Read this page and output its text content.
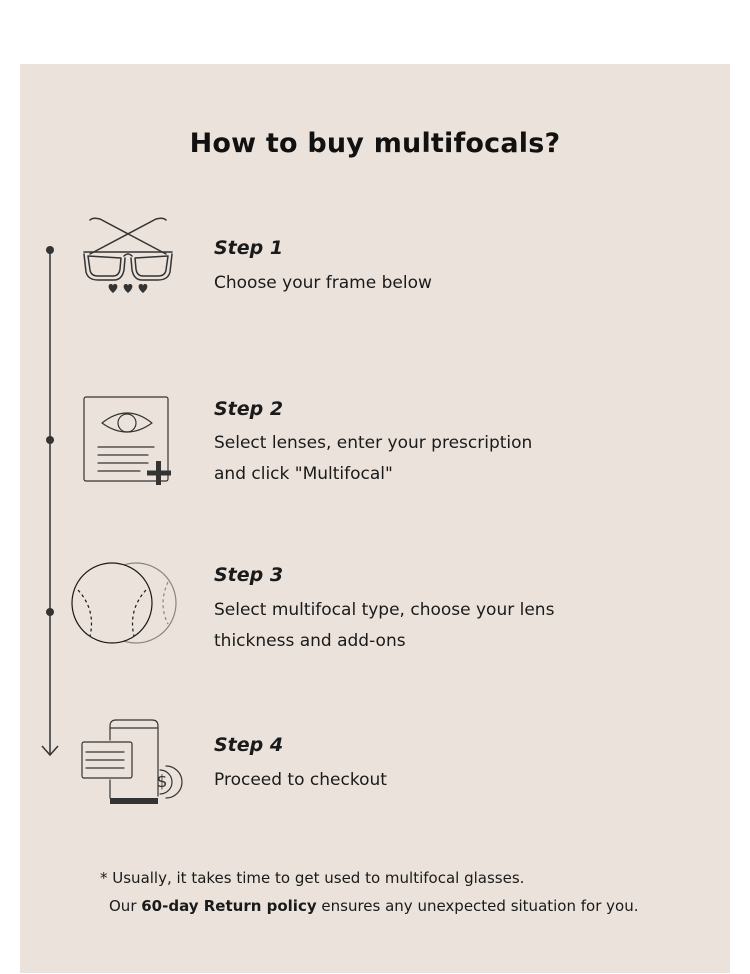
How to buy multifocals?
Step 1
Choose your frame below
Step 2
Select lenses, enter your prescription
and click "Multifocal"
Step 3
Select multifocal type, choose your lens
thickness and add-ons
$
Step 4
Proceed to checkout
* Usually, it takes time to get used to multifocal glasses.
Our 60-day Return policy ensures any unexpected situation for you.
